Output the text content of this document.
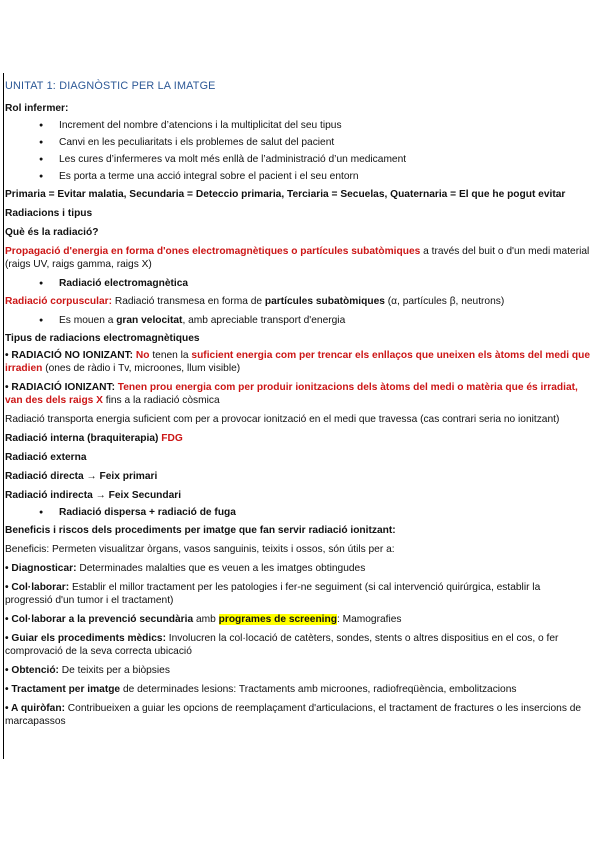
UNITAT 1: DIAGNÒSTIC PER LA IMATGE

Rol infermer:

● Increment del nombre d’atencions i la multiplicitat del seu tipus
● Canvi en les peculiaritats i els problemes de salut del pacient
● Les cures d’infermeres va molt més enllà de l’administració d’un medicament
● Es porta a terme una acció integral sobre el pacient i el seu entorn

Primaria = Evitar malatia, Secundaria = Deteccio primaria, Terciaria = Secuelas, Quaternaria = El que he pogut evitar

Radiacions i tipus

Què és la radiació?

Propagació d'energia en forma d'ones electromagnètiques o partícules subatòmiques a través del buit o d'un medi material (raigs UV, raigs gamma, raigs X)

● Radiació electromagnètica

Radiació corpuscular: Radiació transmesa en forma de partícules subatòmiques (α, partícules β, neutrons)

● Es mouen a gran velocitat, amb apreciable transport d'energia

Tipus de radiacions electromagnètiques

• RADIACIÓ NO IONIZANT: No tenen la suficient energia com per trencar els enllaços que uneixen els àtoms del medi que irradien (ones de ràdio i Tv, microones, llum visible)

• RADIACIÓ IONIZANT: Tenen prou energia com per produir ionitzacions dels àtoms del medi o matèria que és irradiat, van des dels raigs X fins a la radiació còsmica

Radiació transporta energia suficient com per a provocar ionització en el medi que travessa (cas contrari seria no ionitzant)

Radiació interna (braquiterapia) FDG

Radiació externa

Radiació directa → Feix primari

Radiació indirecta → Feix Secundari

● Radiació dispersa + radiació de fuga

Beneficis i riscos dels procediments per imatge que fan servir radiació ionitzant:

Beneficis: Permeten visualitzar òrgans, vasos sanguinis, teixits i ossos, són útils per a:

• Diagnosticar: Determinades malalties que es veuen a les imatges obtingudes

• Col·laborar: Establir el millor tractament per les patologies i fer-ne seguiment (si cal intervenció quirúrgica, establir la progressió d'un tumor i el tractament)

• Col·laborar a la prevenció secundària amb programes de screening: Mamografies

• Guiar els procediments mèdics: Involucren la col·locació de catèters, sondes, stents o altres dispositius en el cos, o fer comprovació de la seva correcta ubicació

• Obtenció: De teixits per a biòpsies

• Tractament per imatge de determinades lesions: Tractaments amb microones, radiofreqüència, embolitzacions

• A quiròfan: Contribueixen a guiar les opcions de reemplaçament d'articulacions, el tractament de fractures o les insercions de marcapassos
